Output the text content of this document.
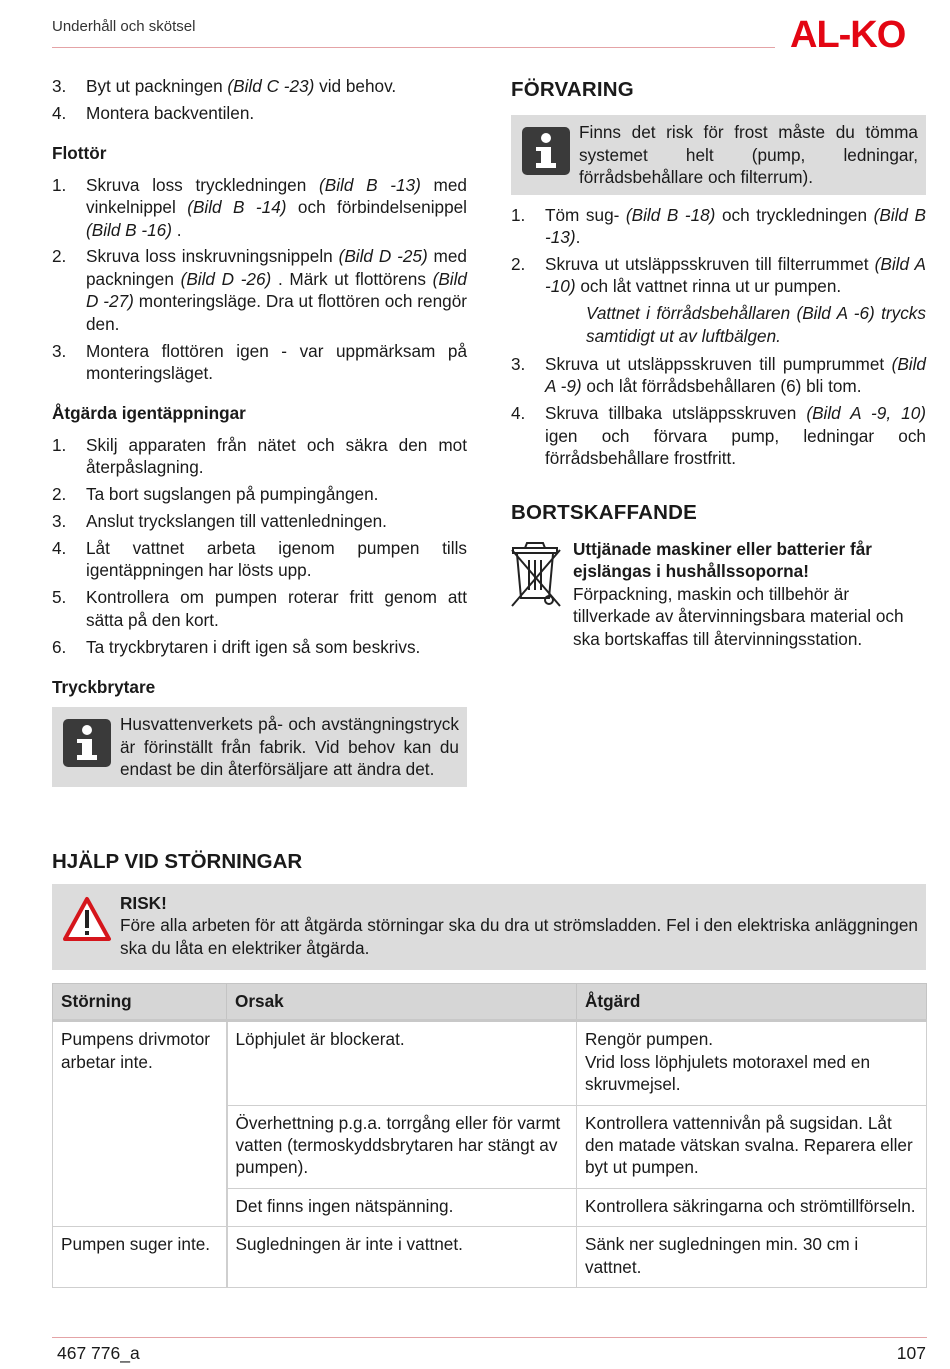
Underhåll och skötsel	AL-KO
3. Byt ut packningen (Bild C -23) vid behov.
4. Montera backventilen.
Flottör
1. Skruva loss tryckledningen (Bild B -13) med vinkelnippel (Bild B -14) och förbindelsenippel (Bild B -16) .
2. Skruva loss inskruvningsnippeln (Bild D -25) med packningen (Bild D -26) . Märk ut flottörens (Bild D -27) monteringsläge. Dra ut flottören och rengör den.
3. Montera flottören igen - var uppmärksam på monteringsläget.
Åtgärda igentäppningar
1. Skilj apparaten från nätet och säkra den mot återpåslagning.
2. Ta bort sugslangen på pumpingången.
3. Anslut tryckslangen till vattenledningen.
4. Låt vattnet arbeta igenom pumpen tills igentäppningen har lösts upp.
5. Kontrollera om pumpen roterar fritt genom att sätta på den kort.
6. Ta tryckbrytaren i drift igen så som beskrivs.
Tryckbrytare
Husvattenverkets på- och avstängningstryck är förinställt från fabrik. Vid behov kan du endast be din återförsäljare att ändra det.
FÖRVARING
Finns det risk för frost måste du tömma systemet helt (pump, ledningar, förrådsbehållare och filterrum).
1. Töm sug- (Bild B -18) och tryckledningen (Bild B -13).
2. Skruva ut utsläppsskruven till filterrummet (Bild A -10) och låt vattnet rinna ut ur pumpen.
Vattnet i förrådsbehållaren (Bild A -6) trycks samtidigt ut av luftbälgen.
3. Skruva ut utsläppsskruven till pumprummet (Bild A -9) och låt förrådsbehållaren (6) bli tom.
4. Skruva tillbaka utsläppsskruven (Bild A -9, 10) igen och förvara pump, ledningar och förrådsbehållare frostfritt.
BORTSKAFFANDE
Uttjänade maskiner eller batterier får ejslängas i hushållssoporna!
Förpackning, maskin och tillbehör är tillverkade av återvinningsbara material och ska bortskaffas till återvinningsstation.
HJÄLP VID STÖRNINGAR
RISK!
Före alla arbeten för att åtgärda störningar ska du dra ut strömsladden. Fel i den elektriska anläggningen ska du låta en elektriker åtgärda.
Störning	Orsak	Åtgärd
Pumpens drivmotor arbetar inte.	Löphjulet är blockerat.	Rengör pumpen.
Vrid loss löphjulets motoraxel med en skruvmejsel.
	Överhettning p.g.a. torrgång eller för varmt vatten (termoskyddsbrytaren har stängt av pumpen).	Kontrollera vattennivån på sugsidan. Låt den matade vätskan svalna. Reparera eller byt ut pumpen.
	Det finns ingen nätspänning.	Kontrollera säkringarna och strömtillförseln.
Pumpen suger inte.	Sugledningen är inte i vattnet.	Sänk ner sugledningen min. 30 cm i vattnet.
467 776_a	107
